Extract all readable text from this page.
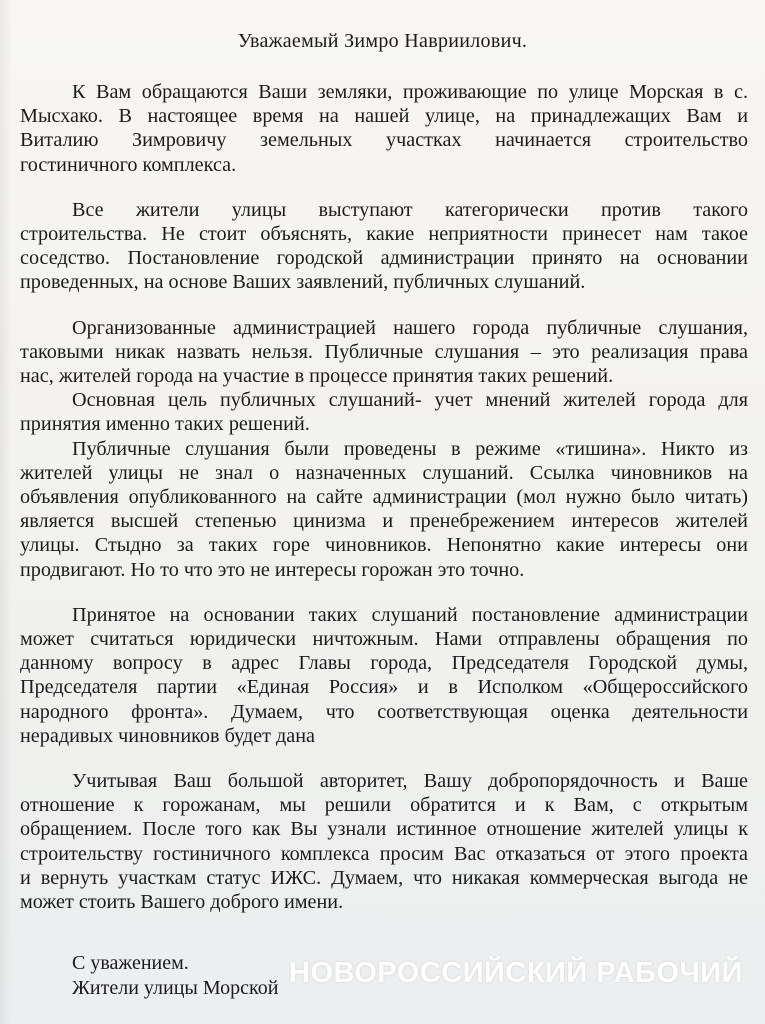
Уважаемый Зимро Навриилович.
К Вам обращаются Ваши земляки, проживающие по улице Морская в с.
Мысхако. В настоящее время на нашей улице, на принадлежащих Вам и
Виталию Зимровичу земельных участках начинается строительство
гостиничного комплекса.
Все жители улицы выступают категорически против такого
строительства. Не стоит объяснять, какие неприятности принесет нам такое
соседство. Постановление городской администрации принято на основании
проведенных, на основе Ваших заявлений, публичных слушаний.
Организованные администрацией нашего города публичные слушания,
таковыми никак назвать нельзя. Публичные слушания – это реализация права
нас, жителей города на участие в процессе принятия таких решений.
Основная цель публичных слушаний- учет мнений жителей города для
принятия именно таких решений.
Публичные слушания были проведены в режиме «тишина». Никто из
жителей улицы не знал о назначенных слушаний. Ссылка чиновников на
объявления опубликованного на сайте администрации (мол нужно было читать)
является высшей степенью цинизма и пренебрежением интересов жителей
улицы. Стыдно за таких горе чиновников. Непонятно какие интересы они
продвигают. Но то что это не интересы горожан это точно.
Принятое на основании таких слушаний постановление администрации
может считаться юридически ничтожным. Нами отправлены обращения по
данному вопросу в адрес Главы города, Председателя Городской думы,
Председателя партии «Единая Россия» и в Исполком «Общероссийского
народного фронта». Думаем, что соответствующая оценка деятельности
нерадивых чиновников будет дана
Учитывая Ваш большой авторитет, Вашу добропорядочность и Ваше
отношение к горожанам, мы решили обратится и к Вам, с открытым
обращением. После того как Вы узнали истинное отношение жителей улицы к
строительству гостиничного комплекса просим Вас отказаться от этого проекта
и вернуть участкам статус ИЖС. Думаем, что никакая коммерческая выгода не
может стоить Вашего доброго имени.
С уважением.
Жители улицы Морской НОВОРОССИЙСКИЙ РАБОЧИЙ
